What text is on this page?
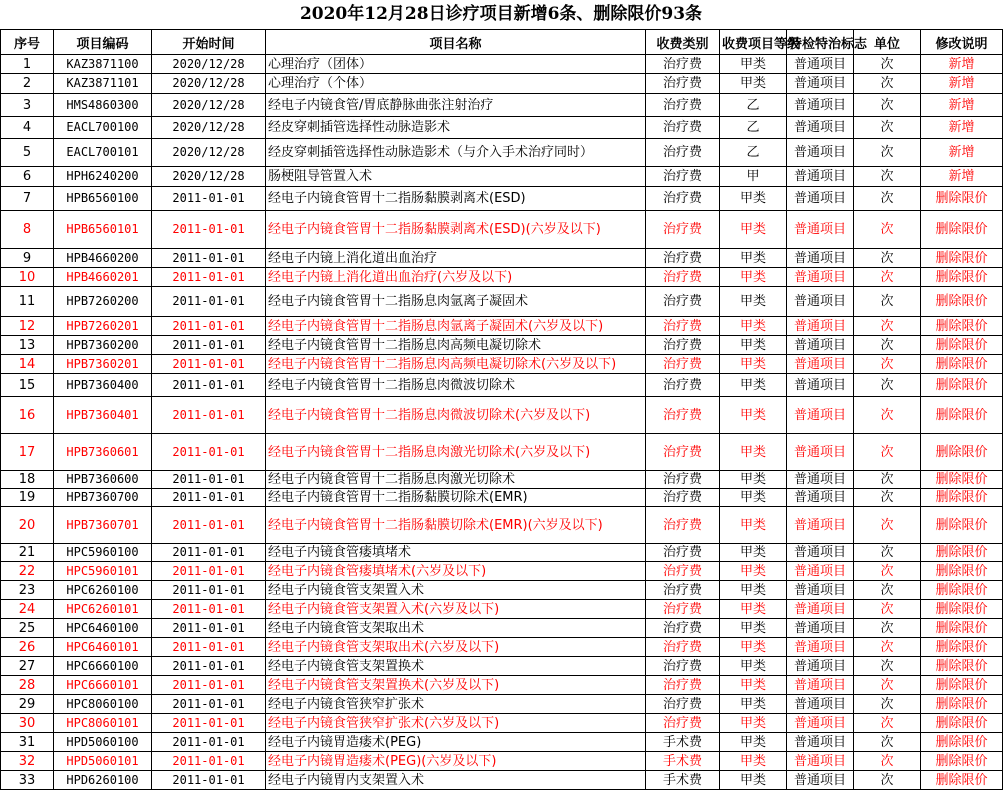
2020年12月28日诊疗项目新增6条、删除限价93条
序号	项目编码	开始时间	项目名称	收费类别	收费项目等级	特检特治标志	单位	修改说明
1	KAZ3871100	2020/12/28	心理治疗（团体）	治疗费	甲类	普通项目	次	新增
2	KAZ3871101	2020/12/28	心理治疗（个体）	治疗费	甲类	普通项目	次	新增
3	HMS4860300	2020/12/28	经电子内镜食管/胃底静脉曲张注射治疗	治疗费	乙	普通项目	次	新增
4	EACL700100	2020/12/28	经皮穿刺插管选择性动脉造影术	治疗费	乙	普通项目	次	新增
5	EACL700101	2020/12/28	经皮穿刺插管选择性动脉造影术（与介入手术治疗同时）	治疗费	乙	普通项目	次	新增
6	HPH6240200	2020/12/28	肠梗阻导管置入术	治疗费	甲	普通项目	次	新增
7	HPB6560100	2011-01-01	经电子内镜食管胃十二指肠黏膜剥离术(ESD)	治疗费	甲类	普通项目	次	删除限价
8	HPB6560101	2011-01-01	经电子内镜食管胃十二指肠黏膜剥离术(ESD)(六岁及以下)	治疗费	甲类	普通项目	次	删除限价
9	HPB4660200	2011-01-01	经电子内镜上消化道出血治疗	治疗费	甲类	普通项目	次	删除限价
10	HPB4660201	2011-01-01	经电子内镜上消化道出血治疗(六岁及以下)	治疗费	甲类	普通项目	次	删除限价
11	HPB7260200	2011-01-01	经电子内镜食管胃十二指肠息肉氩离子凝固术	治疗费	甲类	普通项目	次	删除限价
12	HPB7260201	2011-01-01	经电子内镜食管胃十二指肠息肉氩离子凝固术(六岁及以下)	治疗费	甲类	普通项目	次	删除限价
13	HPB7360200	2011-01-01	经电子内镜食管胃十二指肠息肉高频电凝切除术	治疗费	甲类	普通项目	次	删除限价
14	HPB7360201	2011-01-01	经电子内镜食管胃十二指肠息肉高频电凝切除术(六岁及以下)	治疗费	甲类	普通项目	次	删除限价
15	HPB7360400	2011-01-01	经电子内镜食管胃十二指肠息肉微波切除术	治疗费	甲类	普通项目	次	删除限价
16	HPB7360401	2011-01-01	经电子内镜食管胃十二指肠息肉微波切除术(六岁及以下)	治疗费	甲类	普通项目	次	删除限价
17	HPB7360601	2011-01-01	经电子内镜食管胃十二指肠息肉激光切除术(六岁及以下)	治疗费	甲类	普通项目	次	删除限价
18	HPB7360600	2011-01-01	经电子内镜食管胃十二指肠息肉激光切除术	治疗费	甲类	普通项目	次	删除限价
19	HPB7360700	2011-01-01	经电子内镜食管胃十二指肠黏膜切除术(EMR)	治疗费	甲类	普通项目	次	删除限价
20	HPB7360701	2011-01-01	经电子内镜食管胃十二指肠黏膜切除术(EMR)(六岁及以下)	治疗费	甲类	普通项目	次	删除限价
21	HPC5960100	2011-01-01	经电子内镜食管瘘填堵术	治疗费	甲类	普通项目	次	删除限价
22	HPC5960101	2011-01-01	经电子内镜食管瘘填堵术(六岁及以下)	治疗费	甲类	普通项目	次	删除限价
23	HPC6260100	2011-01-01	经电子内镜食管支架置入术	治疗费	甲类	普通项目	次	删除限价
24	HPC6260101	2011-01-01	经电子内镜食管支架置入术(六岁及以下)	治疗费	甲类	普通项目	次	删除限价
25	HPC6460100	2011-01-01	经电子内镜食管支架取出术	治疗费	甲类	普通项目	次	删除限价
26	HPC6460101	2011-01-01	经电子内镜食管支架取出术(六岁及以下)	治疗费	甲类	普通项目	次	删除限价
27	HPC6660100	2011-01-01	经电子内镜食管支架置换术	治疗费	甲类	普通项目	次	删除限价
28	HPC6660101	2011-01-01	经电子内镜食管支架置换术(六岁及以下)	治疗费	甲类	普通项目	次	删除限价
29	HPC8060100	2011-01-01	经电子内镜食管狭窄扩张术	治疗费	甲类	普通项目	次	删除限价
30	HPC8060101	2011-01-01	经电子内镜食管狭窄扩张术(六岁及以下)	治疗费	甲类	普通项目	次	删除限价
31	HPD5060100	2011-01-01	经电子内镜胃造瘘术(PEG)	手术费	甲类	普通项目	次	删除限价
32	HPD5060101	2011-01-01	经电子内镜胃造瘘术(PEG)(六岁及以下)	手术费	甲类	普通项目	次	删除限价
33	HPD6260100	2011-01-01	经电子内镜胃内支架置入术	手术费	甲类	普通项目	次	删除限价
